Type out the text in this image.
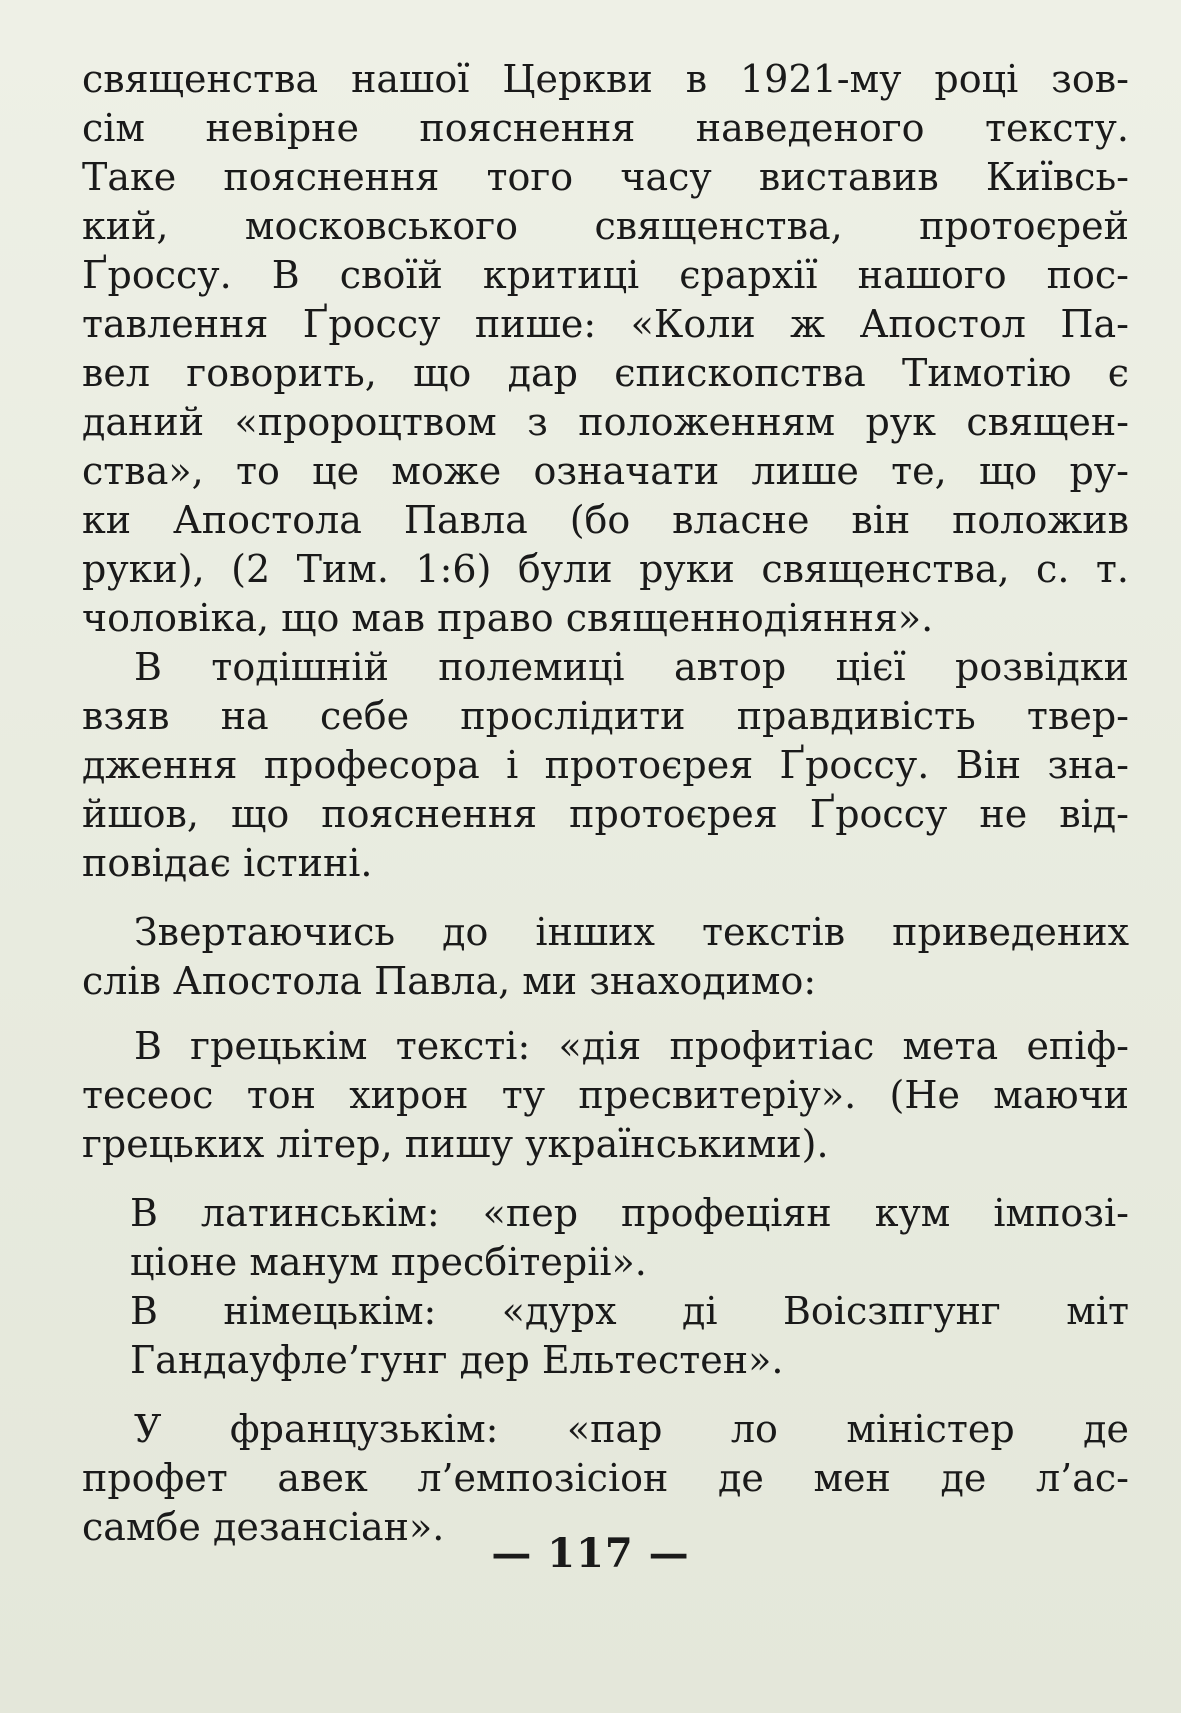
священства нашої Церкви в 1921-му році зов-
сім невірне пояснення наведеного тексту.
Таке пояснення того часу виставив Київсь-
кий, московського священства, протоєрей
Ґроссу. В своїй критиці єрархії нашого пос-
тавлення Ґроссу пише: «Коли ж Апостол Па-
вел говорить, що дар єпископства Тимотію є
даний «пророцтвом з положенням рук священ-
ства», то це може означати лише те, що ру-
ки Апостола Павла (бо власне він положив
руки), (2 Тим. 1:6) були руки священства, с. т.
чоловіка, що мав право священнодіяння».
В тодішній полемиці автор цієї розвідки
взяв на себе прослідити правдивість твер-
дження професора і протоєрея Ґроссу. Він зна-
йшов, що пояснення протоєрея Ґроссу не від-
повідає істині.
Звертаючись до інших текстів приведених
слів Апостола Павла, ми знаходимо:
В грецькім тексті: «дія профитіас мета епіф-
тесеос тон хирон ту пресвитеріу». (Не маючи
грецьких літер, пишу українськими).
В латинськім: «пер профеціян кум імпозі-
ціоне манум пресбітеріі».
В німецькім: «дурх ді Воісзпгунг міт
Гандауфле’гунг дер Ельтестен».
У французькім: «пар ло міністер де
профет авек л’емпозісіон де мен де л’ас-
самбе дезансіан».
— 117 —
